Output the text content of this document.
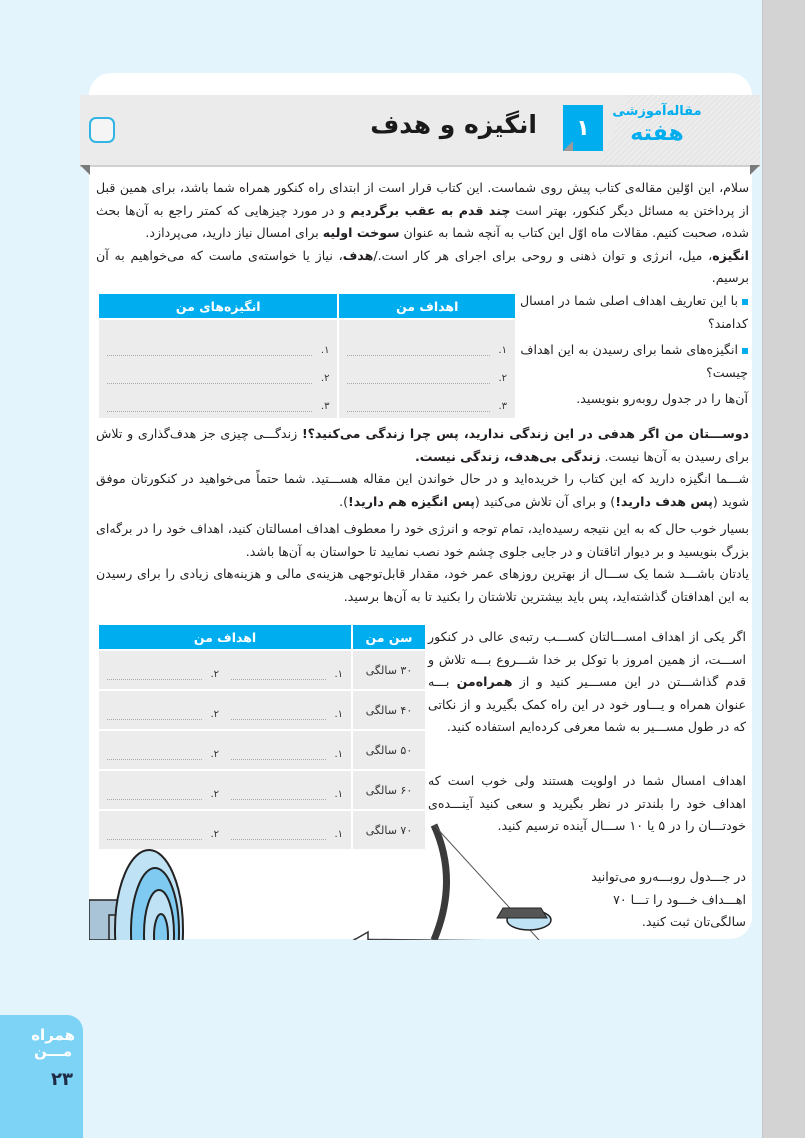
انگیزه و هدف	۱
مقاله‌آموزشی
هفته
سلام، این اوّلین مقاله‌ی کتاب پیش روی شماست. این کتاب قرار است از ابتدای راه کنکور همراه شما باشد، برای همین قبل از پرداختن به مسائل دیگر کنکور، بهتر است چند قدم به عقب برگردیم و در مورد چیزهایی که کمتر راجع به آن‌ها بحث شده، صحبت کنیم. مقالات ماه اوّل این کتاب به آنچه شما به عنوان سوخت اولیه برای امسال نیاز دارید، می‌پردازد.
انگیزه، میل، انرژی و توان ذهنی و روحی برای اجرای هر کار است./هدف، نیاز یا خواسته‌ی ماست که می‌خواهیم به آن برسیم.
اهداف من	انگیزه‌های من

۱.
۲.
۳.

۱.
۲.
۳.
با این تعاریف اهداف اصلی شما در امسال کدامند؟
انگیزه‌های شما برای رسیدن به این اهداف چیست؟
آن‌ها را در جدول روبه‌رو بنویسید.
دوســـتان من اگر هدفی در این زندگی ندارید، پس چرا زندگی می‌کنید؟! زندگـــی چیزی جز هدف‌گذاری و تلاش برای رسیدن به آن‌ها نیست. زندگی بی‌هدف، زندگی نیست.
شـــما انگیزه دارید که این کتاب را خریده‌اید و در حال خواندن این مقاله هســـتید. شما حتماً می‌خواهید در کنکورتان موفق شوید (پس هدف دارید!) و برای آن تلاش می‌کنید (پس انگیزه هم دارید!).
بسیار خوب حال که به این نتیجه رسیده‌اید، تمام توجه و انرژی خود را معطوف اهداف امسالتان کنید، اهداف خود را در برگه‌ای بزرگ بنویسید و بر دیوار اتاقتان و در جایی جلوی چشم خود نصب نمایید تا حواستان به آن‌ها باشد.
یادتان باشـــد شما یک ســـال از بهترین روزهای عمر خود، مقدار قابل‌توجهی هزینه‌ی مالی و هزینه‌های زیادی را برای رسیدن به این اهدافتان گذاشته‌اید، پس باید بیشترین تلاشتان را بکنید تا به آن‌ها برسید.
سن من	اهداف من
۳۰ سالگی	۱.
۲.

۴۰ سالگی	۱.
۲.

۵۰ سالگی	۱.
۲.

۶۰ سالگی	۱.
۲.

۷۰ سالگی	۱.
۲.
اگر یکی از اهداف امســـالتان کســـب رتبه‌ی عالی در کنکور اســـت، از همین امروز با توکل بر خدا شـــروع بـــه تلاش و قدم گذاشـــتن در این مســـیر کنید و از همراه‌من بـــه عنوان همراه و یـــاور خود در این راه کمک بگیرید و از نکاتی که در طول مســـیر به شما معرفی کرده‌ایم استفاده کنید.
اهداف امسال شما در اولویت هستند ولی خوب است که اهداف خود را بلندتر در نظر بگیرید و سعی کنید آینـــده‌ی خودتـــان را در ۵ یا ۱۰ ســـال آینده ترسیم کنید.
در جـــدول روبـــه‌رو می‌توانید اهـــداف خـــود را تـــا ۷۰ سالگی‌تان ثبت کنید.
همراه
مـــن
۲۳
